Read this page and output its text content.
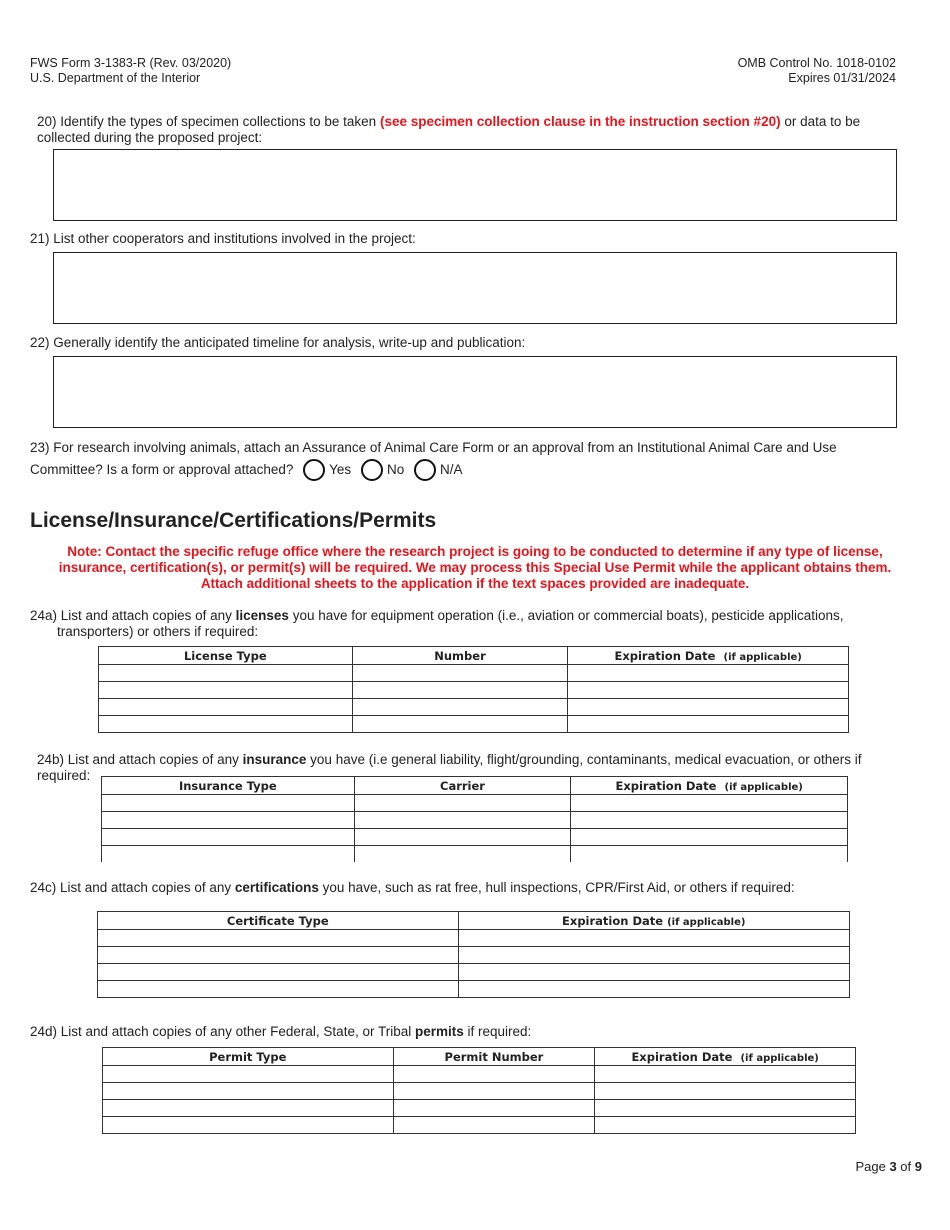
FWS Form 3-1383-R (Rev. 03/2020)
U.S. Department of the Interior
OMB Control No. 1018-0102
Expires 01/31/2024
20) Identify the types of specimen collections to be taken (see specimen collection clause in the instruction section #20) or data to be collected during the proposed project:
21) List other cooperators and institutions involved in the project:
22) Generally identify the anticipated timeline for analysis, write-up and publication:
23) For research involving animals, attach an Assurance of Animal Care Form or an approval from an Institutional Animal Care and Use
Committee? Is a form or approval attached?	Yes	No	N/A
License/Insurance/Certifications/Permits
Note: Contact the specific refuge office where the research project is going to be conducted to determine if any type of license,
insurance, certification(s), or permit(s) will be required. We may process this Special Use Permit while the applicant obtains them.
Attach additional sheets to the application if the text spaces provided are inadequate.
24a) List and attach copies of any licenses you have for equipment operation (i.e., aviation or commercial boats), pesticide applications,
transporters) or others if required:
License Type	Number	Expiration Date (if applicable)

24b) List and attach copies of any insurance you have (i.e general liability, flight/grounding, contaminants, medical evacuation, or others if required:
Insurance Type	Carrier	Expiration Date (if applicable)

24c) List and attach copies of any certifications you have, such as rat free, hull inspections, CPR/First Aid, or others if required:
Certificate Type	Expiration Date (if applicable)

24d) List and attach copies of any other Federal, State, or Tribal permits if required:
Permit Type	Permit Number	Expiration Date (if applicable)

Page 3 of 9
